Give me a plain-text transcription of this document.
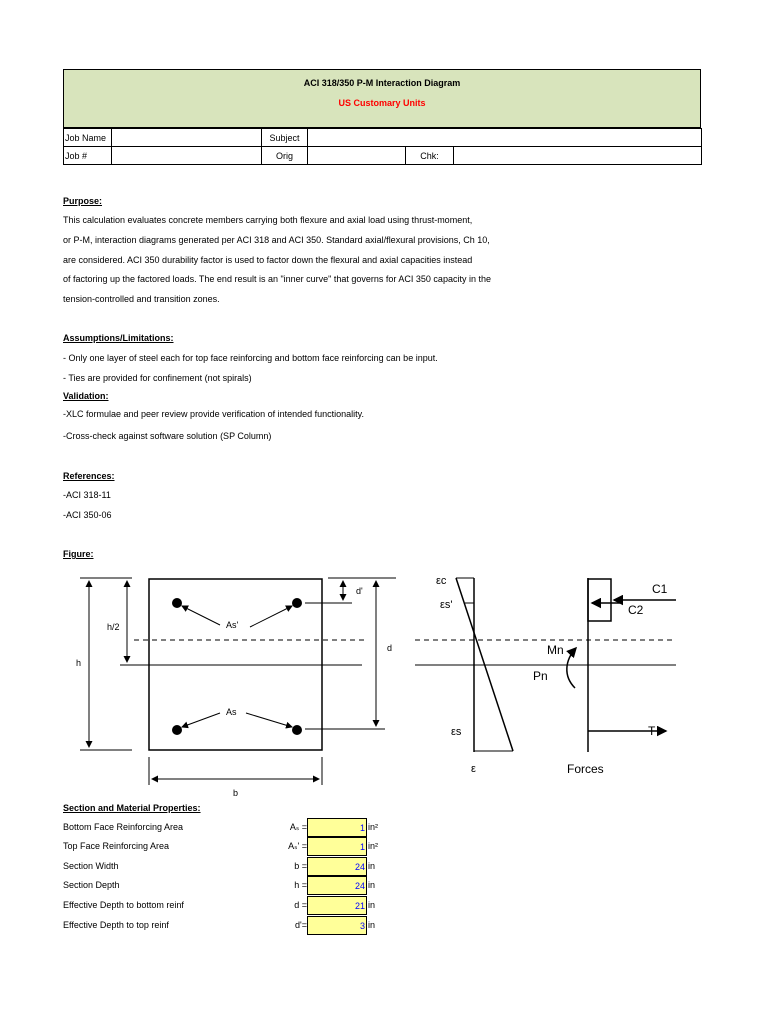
ACI 318/350 P-M Interaction Diagram
US Customary Units
Job Name		Subject			
Job #		Orig		Chk:	
Purpose:
This calculation evaluates concrete members carrying both flexure and axial load using thrust-moment,
or P-M, interaction diagrams generated per ACI 318 and ACI 350. Standard axial/flexural provisions, Ch 10,
are considered. ACI 350 durability factor is used to factor down the flexural and axial capacities instead
of factoring up the factored loads. The end result is an "inner curve" that governs for ACI 350 capacity in the
tension-controlled and transition zones.
Assumptions/Limitations:
- Only one layer of steel each for top face reinforcing and bottom face reinforcing can be input.
- Ties are provided for confinement (not spirals)
Validation:
-XLC formulae and peer review provide verification of intended functionality.
-Cross-check against software solution (SP Column)
References:
-ACI 318-11
-ACI 350-06
Figure:
As'
As
h
h/2
d'
d
b
εc
εs'
εs
ε
C1
C2
T
Mn
Pn
Forces
Section and Material Properties:
Bottom Face Reinforcing Area	Aₛ =	1 in²
Top Face Reinforcing Area	Aₛ' =	1 in²
Section Width	b =	24 in
Section Depth	h =	24 in
Effective Depth to bottom reinf	d =	21 in
Effective Depth to top reinf	d'=	3 in
